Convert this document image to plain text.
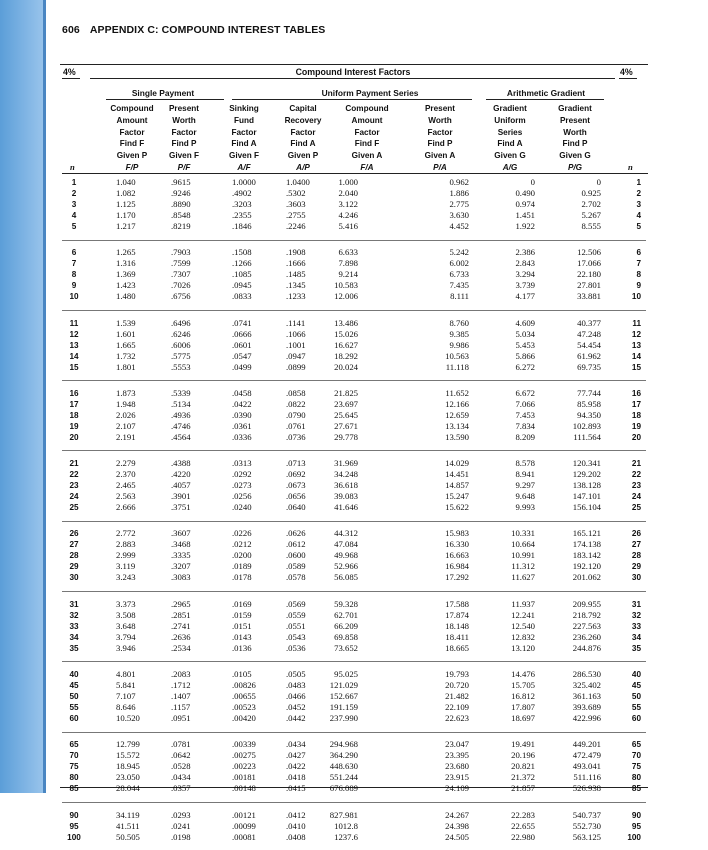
606 APPENDIX C: COMPOUND INTEREST TABLES
4%	4%
Compound Interest Factors
Single Payment	Uniform Payment Series	Arithmetic Gradient
Compound
Amount
Factor
Find F
Given P
F/P
Present
Worth
Factor
Find P
Given F
P/F
Sinking
Fund
Factor
Find A
Given F
A/F
Capital
Recovery
Factor
Find A
Given P
A/P
Compound
Amount
Factor
Find F
Given A
F/A
Present
Worth
Factor
Find P
Given A
P/A
Gradient
Uniform
Series
Find A
Given G
A/G
Gradient
Present
Worth
Find P
Given G
P/G
n	n
1	1.040	.9615	1.0000	1.0400	1.000	0.962	0	0	1
2	1.082	.9246	.4902	.5302	2.040	1.886	0.490	0.925	2
3	1.125	.8890	.3203	.3603	3.122	2.775	0.974	2.702	3
4	1.170	.8548	.2355	.2755	4.246	3.630	1.451	5.267	4
5	1.217	.8219	.1846	.2246	5.416	4.452	1.922	8.555	5
6	1.265	.7903	.1508	.1908	6.633	5.242	2.386	12.506	6
7	1.316	.7599	.1266	.1666	7.898	6.002	2.843	17.066	7
8	1.369	.7307	.1085	.1485	9.214	6.733	3.294	22.180	8
9	1.423	.7026	.0945	.1345	10.583	7.435	3.739	27.801	9
10	1.480	.6756	.0833	.1233	12.006	8.111	4.177	33.881	10
11	1.539	.6496	.0741	.1141	13.486	8.760	4.609	40.377	11
12	1.601	.6246	.0666	.1066	15.026	9.385	5.034	47.248	12
13	1.665	.6006	.0601	.1001	16.627	9.986	5.453	54.454	13
14	1.732	.5775	.0547	.0947	18.292	10.563	5.866	61.962	14
15	1.801	.5553	.0499	.0899	20.024	11.118	6.272	69.735	15
16	1.873	.5339	.0458	.0858	21.825	11.652	6.672	77.744	16
17	1.948	.5134	.0422	.0822	23.697	12.166	7.066	85.958	17
18	2.026	.4936	.0390	.0790	25.645	12.659	7.453	94.350	18
19	2.107	.4746	.0361	.0761	27.671	13.134	7.834	102.893	19
20	2.191	.4564	.0336	.0736	29.778	13.590	8.209	111.564	20
21	2.279	.4388	.0313	.0713	31.969	14.029	8.578	120.341	21
22	2.370	.4220	.0292	.0692	34.248	14.451	8.941	129.202	22
23	2.465	.4057	.0273	.0673	36.618	14.857	9.297	138.128	23
24	2.563	.3901	.0256	.0656	39.083	15.247	9.648	147.101	24
25	2.666	.3751	.0240	.0640	41.646	15.622	9.993	156.104	25
26	2.772	.3607	.0226	.0626	44.312	15.983	10.331	165.121	26
27	2.883	.3468	.0212	.0612	47.084	16.330	10.664	174.138	27
28	2.999	.3335	.0200	.0600	49.968	16.663	10.991	183.142	28
29	3.119	.3207	.0189	.0589	52.966	16.984	11.312	192.120	29
30	3.243	.3083	.0178	.0578	56.085	17.292	11.627	201.062	30
31	3.373	.2965	.0169	.0569	59.328	17.588	11.937	209.955	31
32	3.508	.2851	.0159	.0559	62.701	17.874	12.241	218.792	32
33	3.648	.2741	.0151	.0551	66.209	18.148	12.540	227.563	33
34	3.794	.2636	.0143	.0543	69.858	18.411	12.832	236.260	34
35	3.946	.2534	.0136	.0536	73.652	18.665	13.120	244.876	35
40	4.801	.2083	.0105	.0505	95.025	19.793	14.476	286.530	40
45	5.841	.1712	.00826	.0483	121.029	20.720	15.705	325.402	45
50	7.107	.1407	.00655	.0466	152.667	21.482	16.812	361.163	50
55	8.646	.1157	.00523	.0452	191.159	22.109	17.807	393.689	55
60	10.520	.0951	.00420	.0442	237.990	22.623	18.697	422.996	60
65	12.799	.0781	.00339	.0434	294.968	23.047	19.491	449.201	65
70	15.572	.0642	.00275	.0427	364.290	23.395	20.196	472.479	70
75	18.945	.0528	.00223	.0422	448.630	23.680	20.821	493.041	75
80	23.050	.0434	.00181	.0418	551.244	23.915	21.372	511.116	80
85	28.044	.0357	.00148	.0415	676.089	24.109	21.857	526.938	85
90	34.119	.0293	.00121	.0412	827.981	24.267	22.283	540.737	90
95	41.511	.0241	.00099	.0410	1012.8	24.398	22.655	552.730	95
100	50.505	.0198	.00081	.0408	1237.6	24.505	22.980	563.125	100
